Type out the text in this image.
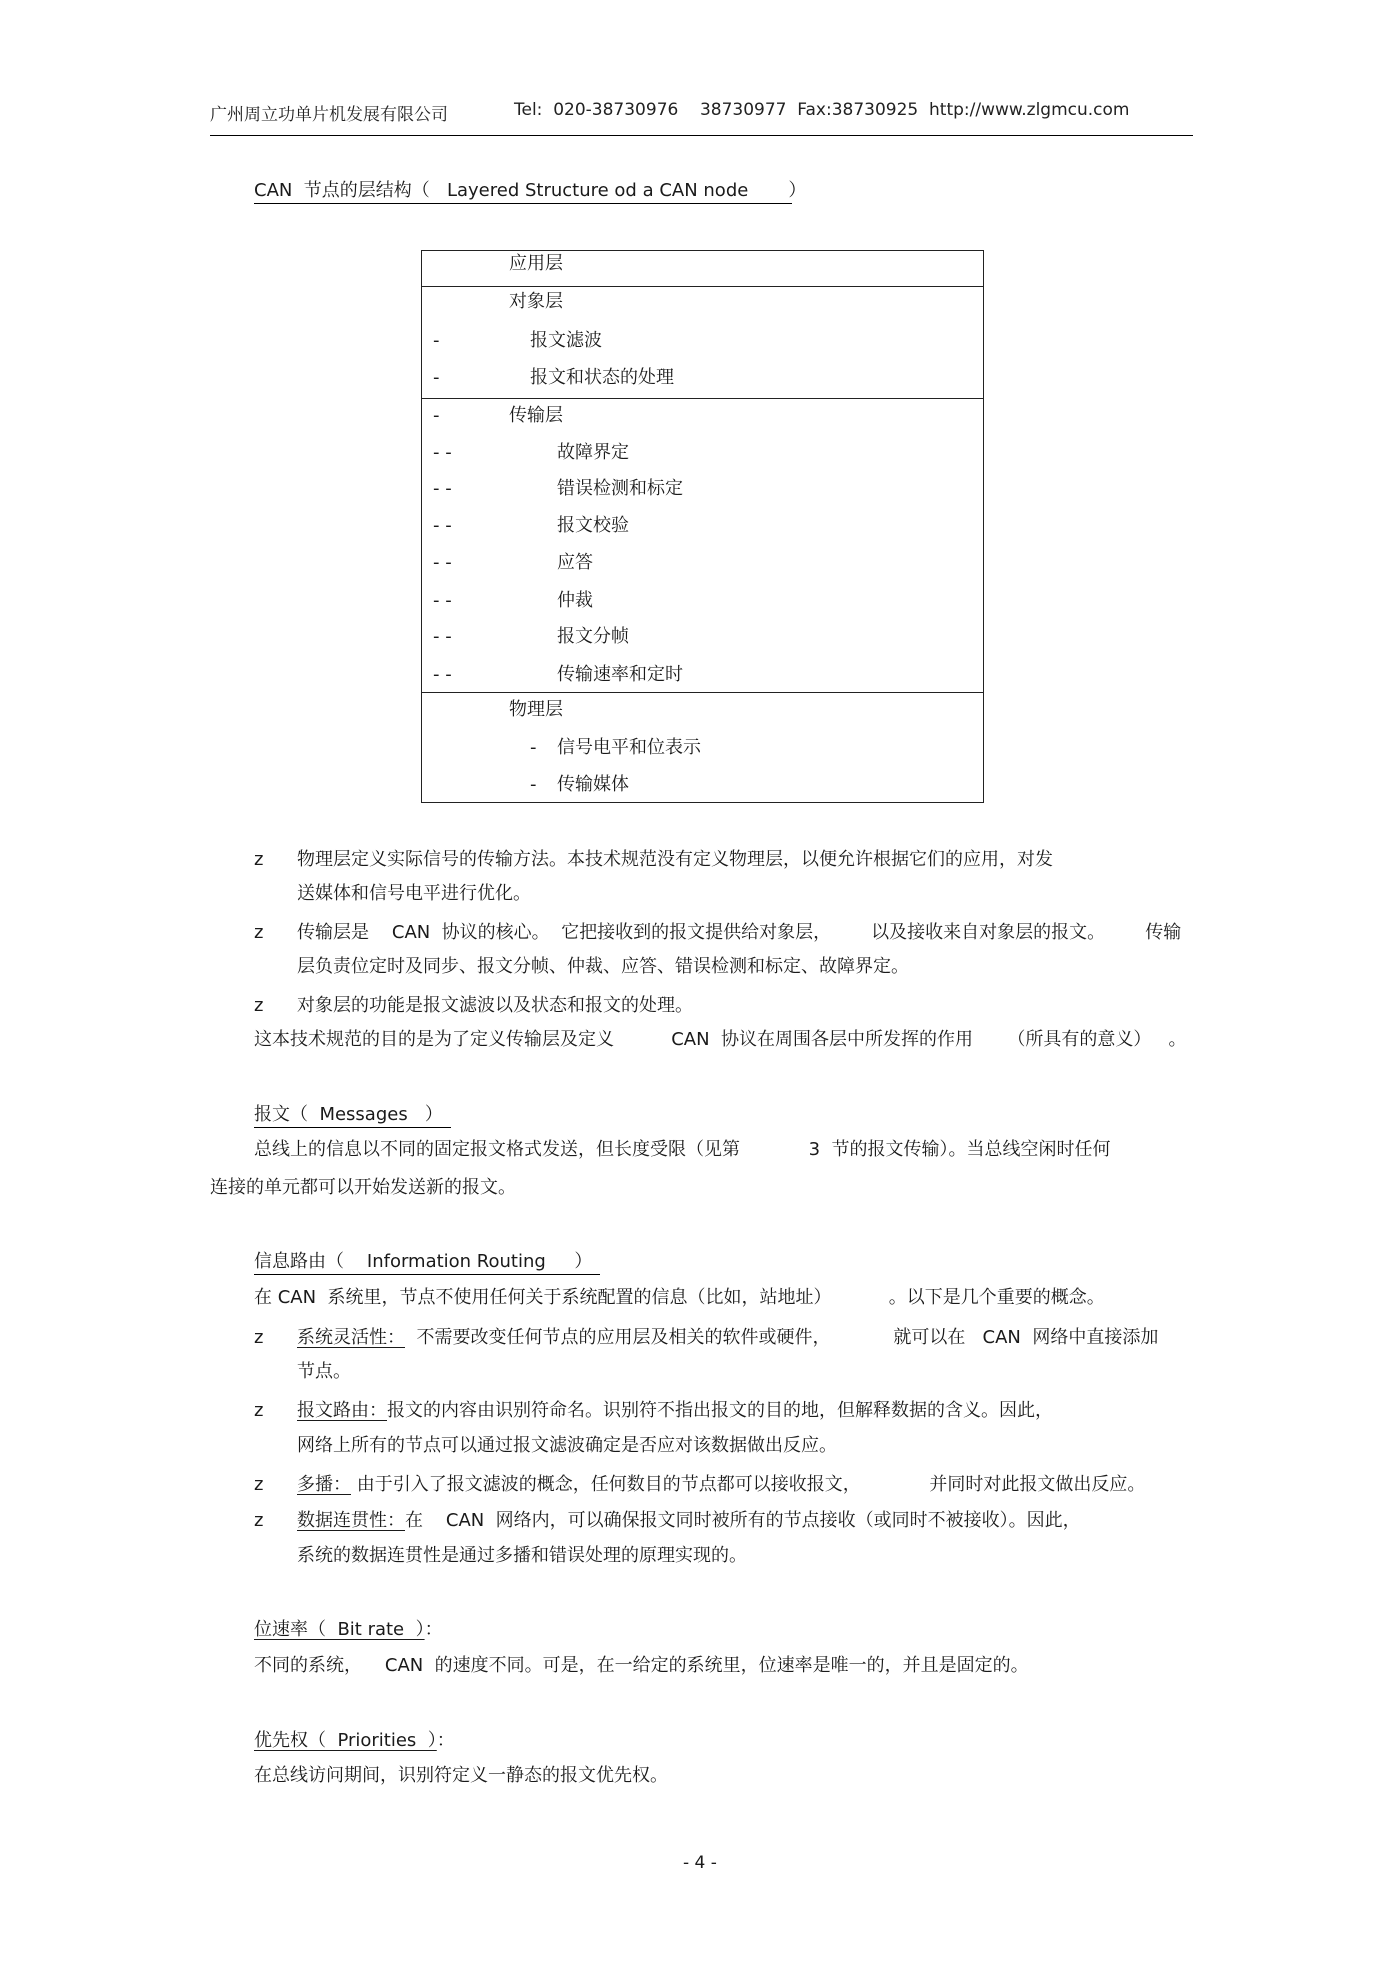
广州周立功单片机发展有限公司	Tel:  020-38730976    38730977  Fax:38730925  http://www.zlgmcu.com
CAN  节点的层结构（   Layered Structure od a CAN node       ）
应用层
对象层
-	报文滤波
-	报文和状态的处理
-	传输层
- -	故障界定
- -	错误检测和标定
- -	报文校验
- -	应答
- -	仲裁
- -	报文分帧
- -	传输速率和定时
物理层
- 信号电平和位表示
- 传输媒体
z 物理层定义实际信号的传输方法。本技术规范没有定义物理层，以便允许根据它们的应用，对发
送媒体和信号电平进行优化。
z 传输层是    CAN  协议的核心。  它把接收到的报文提供给对象层，       以及接收来自对象层的报文。       传输
层负责位定时及同步、报文分帧、仲裁、应答、错误检测和标定、故障界定。
z 对象层的功能是报文滤波以及状态和报文的处理。
这本技术规范的目的是为了定义传输层及定义          CAN  协议在周围各层中所发挥的作用      （所具有的意义）   。
报文（  Messages   ）
总线上的信息以不同的固定报文格式发送，但长度受限（见第            3  节的报文传输）。当总线空闲时任何
连接的单元都可以开始发送新的报文。
信息路由（    Information Routing     ）
在 CAN  系统里，节点不使用任何关于系统配置的信息（比如，站地址）          。以下是几个重要的概念。
z 系统灵活性：  不需要改变任何节点的应用层及相关的软件或硬件，           就可以在   CAN  网络中直接添加
节点。
z 报文路由：报文的内容由识别符命名。识别符不指出报文的目的地，但解释数据的含义。因此，
网络上所有的节点可以通过报文滤波确定是否应对该数据做出反应。
z 多播： 由于引入了报文滤波的概念，任何数目的节点都可以接收报文，            并同时对此报文做出反应。
z 数据连贯性：在    CAN  网络内，可以确保报文同时被所有的节点接收（或同时不被接收）。因此，
系统的数据连贯性是通过多播和错误处理的原理实现的。
位速率（  Bit rate  ）：
不同的系统，    CAN  的速度不同。可是，在一给定的系统里，位速率是唯一的，并且是固定的。
优先权（  Priorities  ）：
在总线访问期间，识别符定义一静态的报文优先权。
- 4 -
